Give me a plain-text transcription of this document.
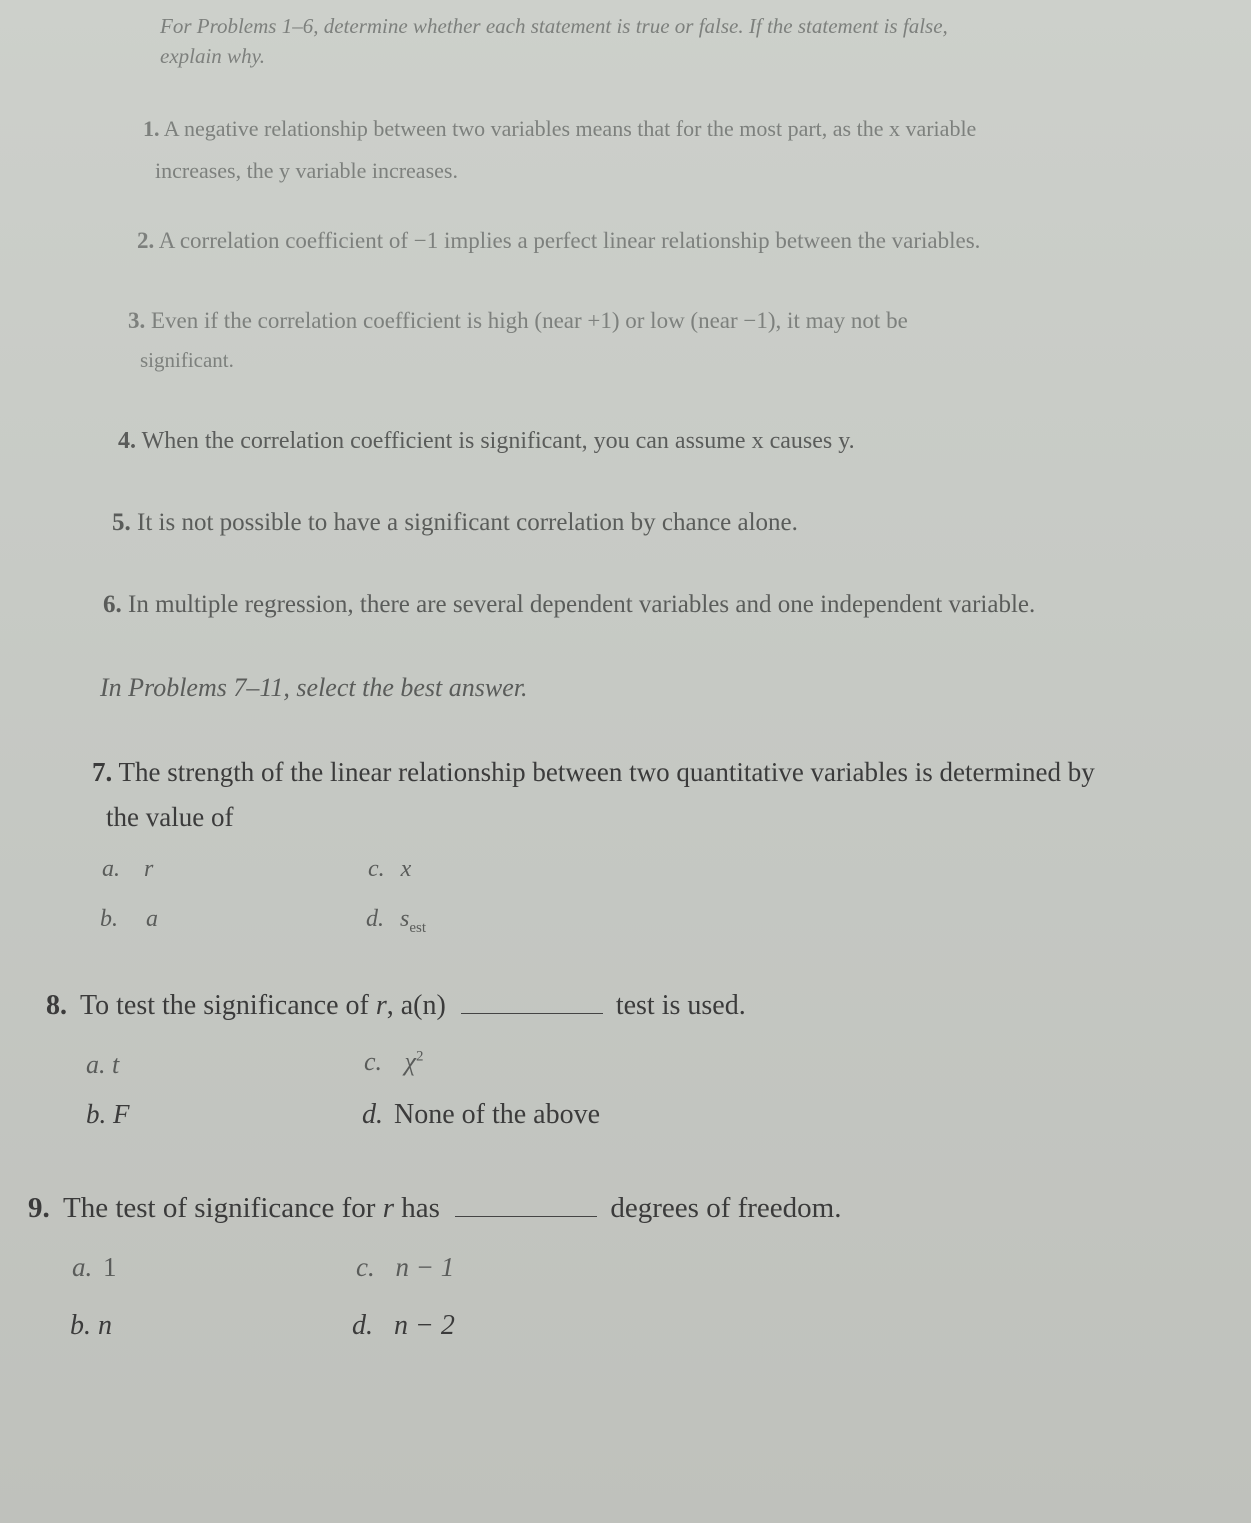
For Problems 1–6, determine whether each statement is true or false. If the statement is false,
explain why.
1. A negative relationship between two variables means that for the most part, as the x variable
increases, the y variable increases.
2. A correlation coefficient of −1 implies a perfect linear relationship between the variables.
3. Even if the correlation coefficient is high (near +1) or low (near −1), it may not be
significant.
4. When the correlation coefficient is significant, you can assume x causes y.
5. It is not possible to have a significant correlation by chance alone.
6. In multiple regression, there are several dependent variables and one independent variable.
In Problems 7–11, select the best answer.
7. The strength of the linear relationship between two quantitative variables is determined by
the value of
a. r	c. x
b. a	d. $s_{est}$
8. To test the significance of r, a(n)	test is used.
a. t	c. $\chi^2$
b. F	d. None of the above
9. The test of significance for r has	degrees of freedom.
a. 1	c. n − 1
b. n	d. n − 2
